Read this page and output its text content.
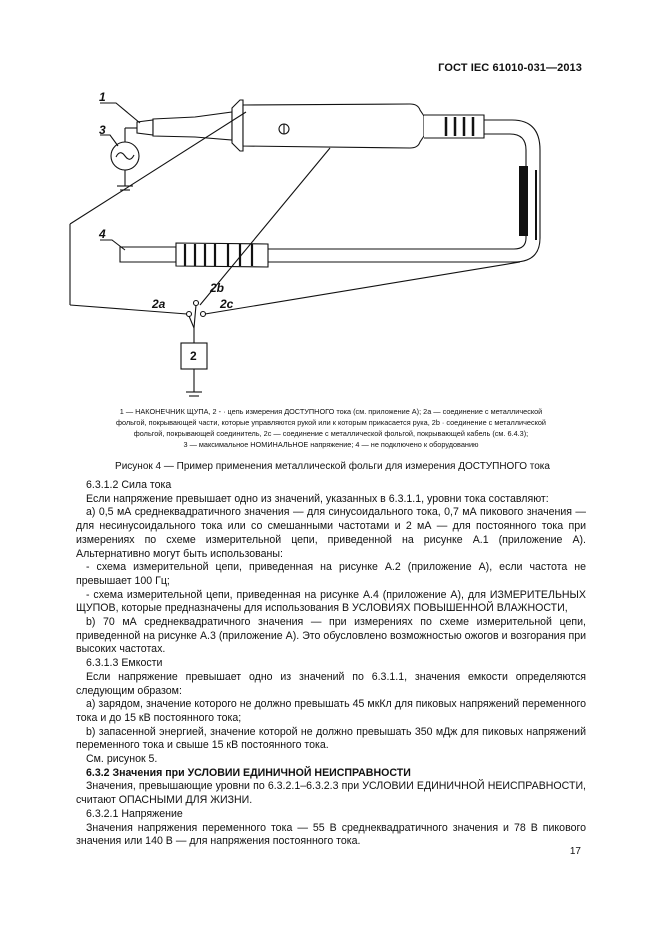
ГОСТ IEC 61010-031—2013
1
3
4
2a
2b
2c
2
1 — НАКОНЕЧНИК ЩУПА, 2 - · цепь измерения ДОСТУПНОГО тока (см. приложение А); 2a — соединение с металлической
фольгой, покрывающей части, которые управляются рукой или к которым прикасается рука, 2b · соединение с металлической
фольгой, покрывающей соединитель, 2c — соединение с металлической фольгой, покрывающей кабель (см. 6.4.3);
3 — максимальное НОМИНАЛЬНОЕ напряжение; 4 — не подключено к оборудованию
Рисунок 4 — Пример применения металлической фольги для измерения ДОСТУПНОГО тока

6.3.1.2 Сила тока

Если напряжение превышает одно из значений, указанных в 6.3.1.1, уровни тока составляют:

а) 0,5 мА среднеквадратичного значения — для синусоидального тока, 0,7 мА пикового значения — для несинусоидального тока или со смешанными частотами и 2 мА — для постоянного тока при измерениях по схеме измерительной цепи, приведенной на рисунке А.1 (приложение А). Альтернативно могут быть использованы:

- схема измерительной цепи, приведенная на рисунке А.2 (приложение А), если частота не превышает 100 Гц;

- схема измерительной цепи, приведенная на рисунке А.4 (приложение А), для ИЗМЕРИТЕЛЬНЫХ ЩУПОВ, которые предназначены для использования В УСЛОВИЯХ ПОВЫШЕННОЙ ВЛАЖНОСТИ,

b) 70 мА среднеквадратичного значения — при измерениях по схеме измерительной цепи, приведенной на рисунке А.3 (приложение А). Это обусловлено возможностью ожогов и возгорания при высоких частотах.

6.3.1.3 Емкости

Если напряжение превышает одно из значений по 6.3.1.1, значения емкости определяются следующим образом:

а) зарядом, значение которого не должно превышать 45 мкКл для пиковых напряжений переменного тока и до 15 кВ постоянного тока;

b) запасенной энергией, значение которой не должно превышать 350 мДж для пиковых напряжений переменного тока и свыше 15 кВ постоянного тока.

См. рисунок 5.

6.3.2 Значения при УСЛОВИИ ЕДИНИЧНОЙ НЕИСПРАВНОСТИ

Значения, превышающие уровни по 6.3.2.1–6.3.2.3 при УСЛОВИИ ЕДИНИЧНОЙ НЕИСПРАВНОСТИ, считают ОПАСНЫМИ ДЛЯ ЖИЗНИ.

6.3.2.1 Напряжение

Значения напряжения переменного тока — 55 В среднеквадратичного значения и 78 В пикового значения или 140 В — для напряжения постоянного тока.

17
